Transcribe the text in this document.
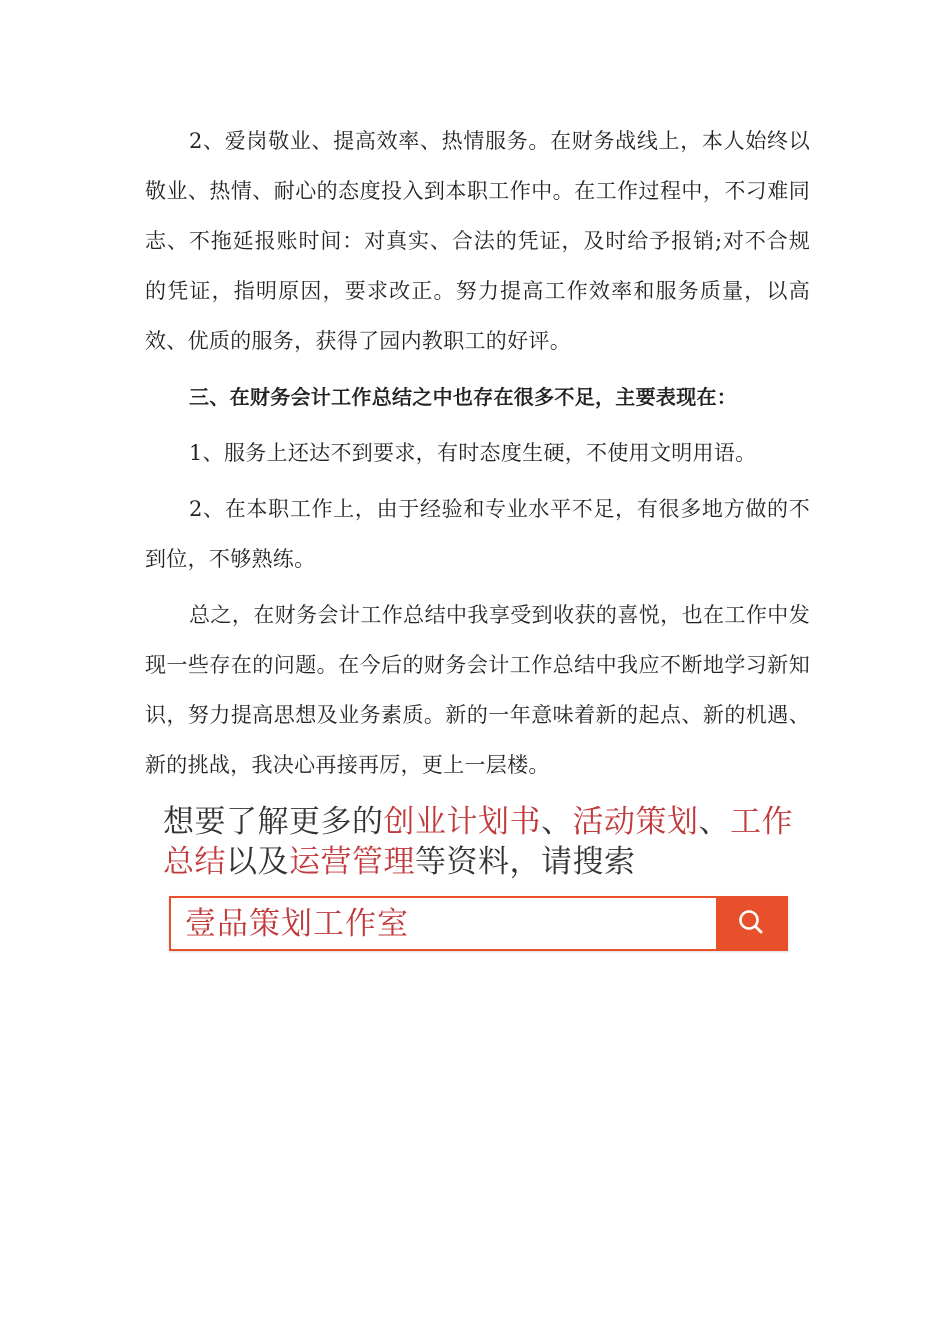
2、爱岗敬业、提高效率、热情服务。在财务战线上，本人始终以敬业、热情、耐心的态度投入到本职工作中。在工作过程中，不刁难同志、不拖延报账时间：对真实、合法的凭证，及时给予报销;对不合规的凭证，指明原因，要求改正。努力提高工作效率和服务质量，以高效、优质的服务，获得了园内教职工的好评。

三、在财务会计工作总结之中也存在很多不足，主要表现在：

1、服务上还达不到要求，有时态度生硬，不使用文明用语。

2、在本职工作上，由于经验和专业水平不足，有很多地方做的不到位，不够熟练。

总之，在财务会计工作总结中我享受到收获的喜悦，也在工作中发现一些存在的问题。在今后的财务会计工作总结中我应不断地学习新知识，努力提高思想及业务素质。新的一年意味着新的起点、新的机遇、新的挑战，我决心再接再厉，更上一层楼。

想要了解更多的创业计划书、活动策划、工作总结以及运营管理等资料，请搜索
壹品策划工作室
